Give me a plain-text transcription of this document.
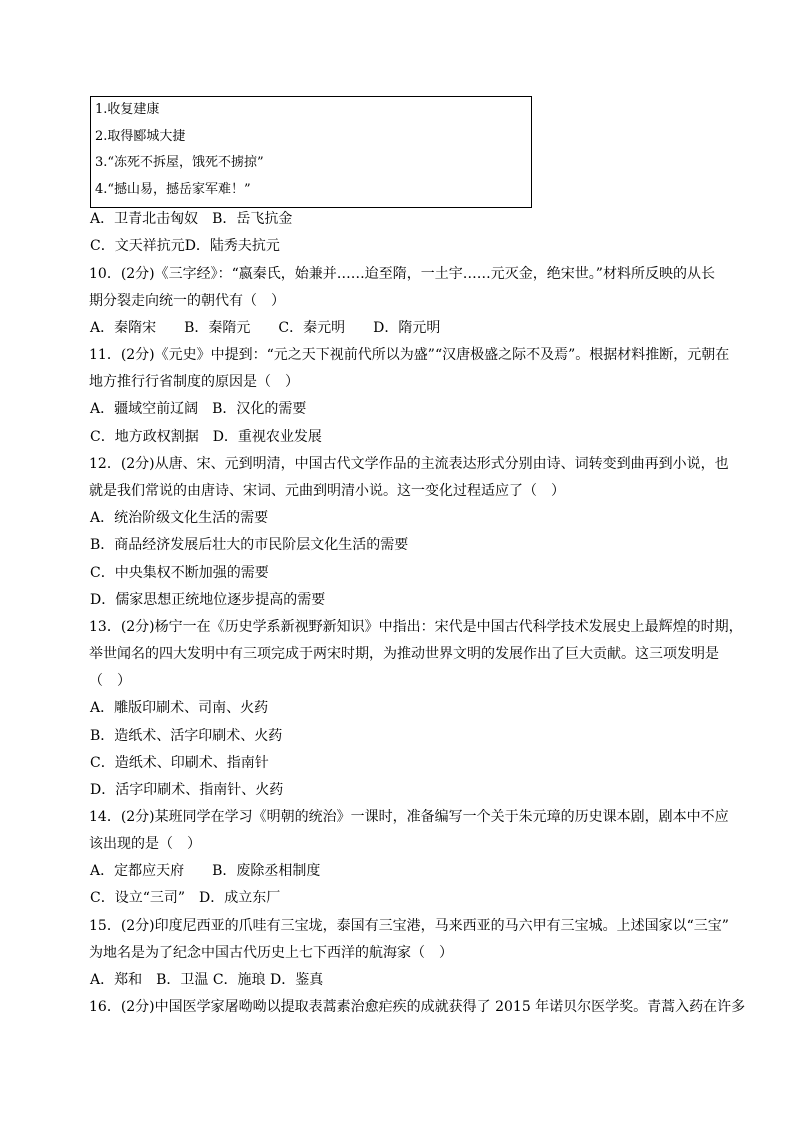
1.收复建康
2.取得郾城大捷
3.“冻死不拆屋，饿死不掳掠”
4.“撼山易，撼岳家军难！”
A．卫青北击匈奴　B．岳飞抗金
C．文天祥抗元D．陆秀夫抗元
10．(2分)《三字经》：“嬴秦氏，始兼并……迨至隋，一土宇……元灭金，绝宋世。”材料所反映的从长
期分裂走向统一的朝代有（　）
A．秦隋宋　　B．秦隋元　　C．秦元明　　D．隋元明
11．(2分)《元史》中提到：“元之天下视前代所以为盛”“汉唐极盛之际不及焉”。根据材料推断，元朝在
地方推行行省制度的原因是（　）
A．疆域空前辽阔　B．汉化的需要
C．地方政权割据　D．重视农业发展
12．(2分)从唐、宋、元到明清，中国古代文学作品的主流表达形式分别由诗、词转变到曲再到小说，也
就是我们常说的由唐诗、宋词、元曲到明清小说。这一变化过程适应了（　）
A．统治阶级文化生活的需要
B．商品经济发展后壮大的市民阶层文化生活的需要
C．中央集权不断加强的需要
D．儒家思想正统地位逐步提高的需要
13．(2分)杨宁一在《历史学系新视野新知识》中指出：宋代是中国古代科学技术发展史上最辉煌的时期，
举世闻名的四大发明中有三项完成于两宋时期，为推动世界文明的发展作出了巨大贡献。这三项发明是
（　）
A．雕版印刷术、司南、火药
B．造纸术、活字印刷术、火药
C．造纸术、印刷术、指南针
D．活字印刷术、指南针、火药
14．(2分)某班同学在学习《明朝的统治》一课时，准备编写一个关于朱元璋的历史课本剧，剧本中不应
该出现的是（　）
A．定都应天府　　B．废除丞相制度
C．设立“三司”　D．成立东厂
15．(2分)印度尼西亚的爪哇有三宝垅，泰国有三宝港，马来西亚的马六甲有三宝城。上述国家以“三宝”
为地名是为了纪念中国古代历史上七下西洋的航海家（　）
A．郑和　B．卫温 C．施琅 D．鉴真
16．(2分)中国医学家屠呦呦以提取表蒿素治愈疟疾的成就获得了 2015 年诺贝尔医学奖。青蒿入药在许多
